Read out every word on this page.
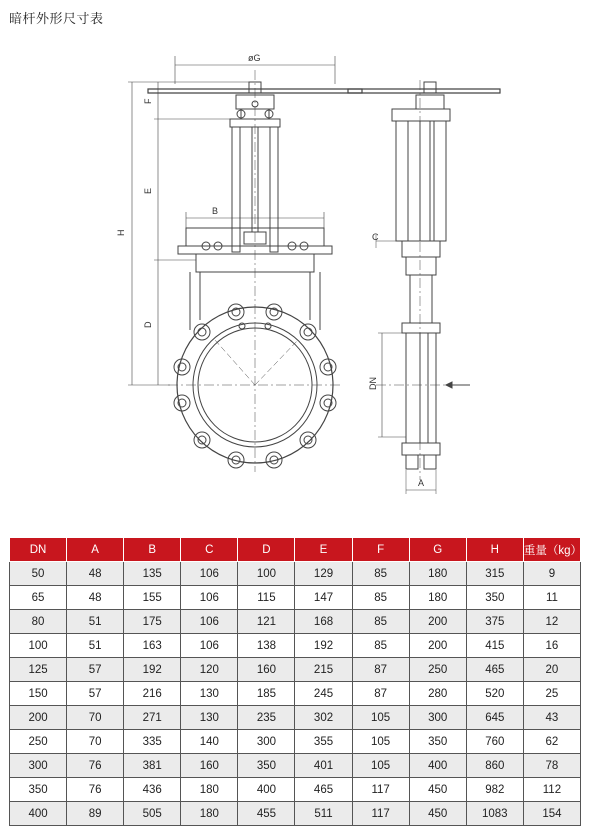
暗杆外形尺寸表
øG
H
F
E
D
B
C
DN
A
DN	A	B	C	D	E	F	G	H	重量（kg）
50	48	135	106	100	129	85	180	315	9
65	48	155	106	115	147	85	180	350	11
80	51	175	106	121	168	85	200	375	12
100	51	163	106	138	192	85	200	415	16
125	57	192	120	160	215	87	250	465	20
150	57	216	130	185	245	87	280	520	25
200	70	271	130	235	302	105	300	645	43
250	70	335	140	300	355	105	350	760	62
300	76	381	160	350	401	105	400	860	78
350	76	436	180	400	465	117	450	982	112
400	89	505	180	455	511	117	450	1083	154
